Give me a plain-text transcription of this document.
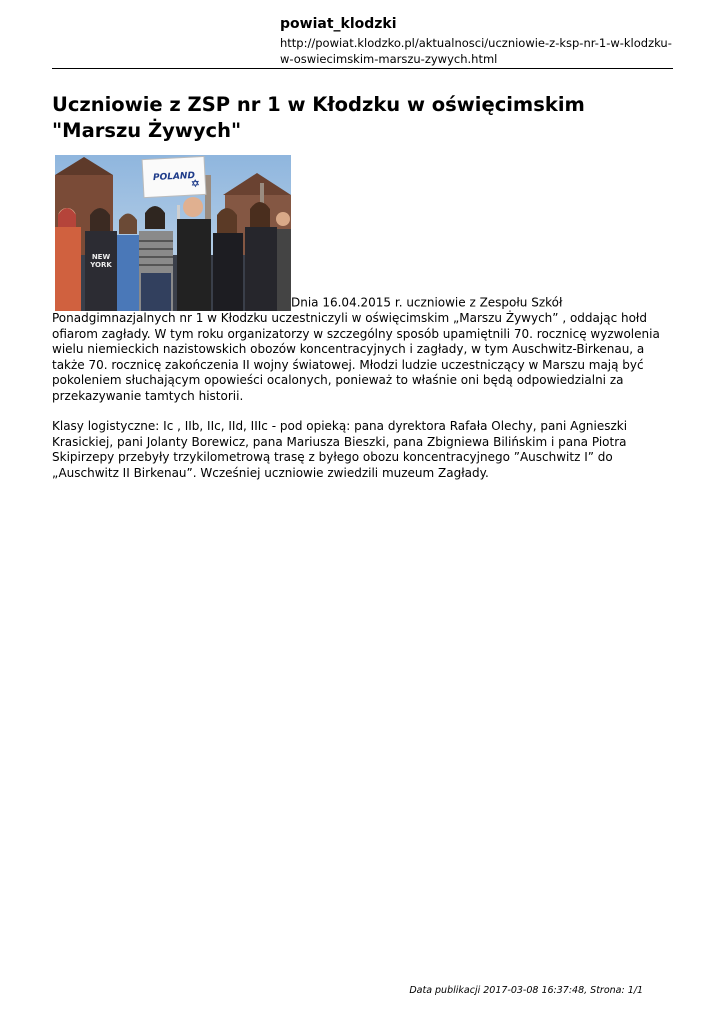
powiat_klodzki
http://powiat.klodzko.pl/aktualnosci/uczniowie-z-ksp-nr-1-w-klodzku-w-oswiecimskim-marszu-zywych.html
Uczniowie z ZSP nr 1 w Kłodzku w oświęcimskim "Marszu Żywych"
POLAND
NEW
YORK
Dnia 16.04.2015 r. uczniowie z Zespołu Szkół Ponadgimnazjalnych nr 1 w Kłodzku uczestniczyli w oświęcimskim „Marszu Żywych” , oddając hołd ofiarom zagłady. W tym roku organizatorzy w szczególny sposób upamiętnili 70. rocznicę wyzwolenia wielu niemieckich nazistowskich obozów koncentracyjnych i zagłady, w tym Auschwitz-Birkenau, a także 70. rocznicę zakończenia II wojny światowej. Młodzi ludzie uczestniczący w Marszu mają być pokoleniem słuchającym opowieści ocalonych, ponieważ to właśnie oni będą odpowiedzialni za przekazywanie tamtych historii.
Klasy logistyczne: Ic , IIb, IIc, IId, IIIc - pod opieką: pana dyrektora Rafała Olechy, pani Agnieszki Krasickiej, pani Jolanty Borewicz, pana Mariusza Bieszki, pana Zbigniewa Bilińskim i pana Piotra Skipirzepy przebyły trzykilometrową trasę z byłego obozu koncentracyjnego ”Auschwitz I” do „Auschwitz II Birkenau”. Wcześniej uczniowie zwiedzili muzeum Zagłady.
Data publikacji 2017-03-08 16:37:48, Strona: 1/1
